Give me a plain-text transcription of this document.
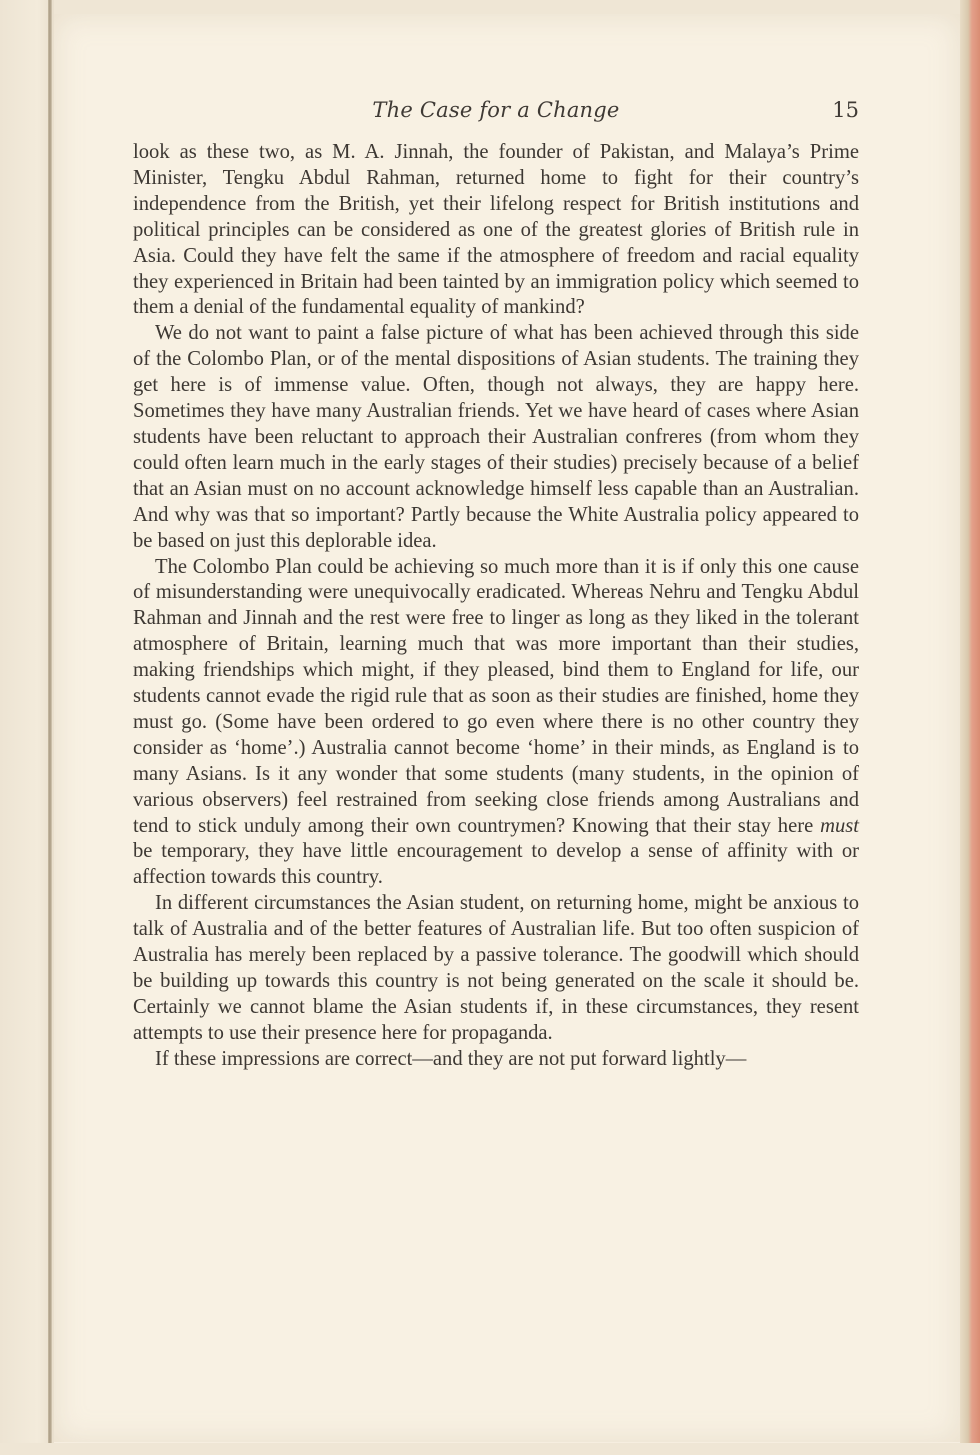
The Case for a Change	15

look as these two, as M. A. Jinnah, the founder of Pakistan, and Malaya’s Prime Minister, Tengku Abdul Rahman, returned home to fight for their country’s independence from the British, yet their lifelong respect for British institutions and political principles can be considered as one of the greatest glories of British rule in Asia. Could they have felt the same if the atmosphere of freedom and racial equality they experienced in Britain had been tainted by an immigration policy which seemed to them a denial of the fundamental equality of mankind?

We do not want to paint a false picture of what has been achieved through this side of the Colombo Plan, or of the mental dispositions of Asian students. The training they get here is of immense value. Often, though not always, they are happy here. Sometimes they have many Australian friends. Yet we have heard of cases where Asian students have been reluctant to approach their Australian confreres (from whom they could often learn much in the early stages of their studies) precisely because of a belief that an Asian must on no account acknowledge himself less capable than an Australian. And why was that so important? Partly because the White Australia policy appeared to be based on just this deplorable idea.

The Colombo Plan could be achieving so much more than it is if only this one cause of misunderstanding were unequivocally eradicated. Whereas Nehru and Tengku Abdul Rahman and Jinnah and the rest were free to linger as long as they liked in the tolerant atmosphere of Britain, learning much that was more important than their studies, making friendships which might, if they pleased, bind them to England for life, our students cannot evade the rigid rule that as soon as their studies are finished, home they must go. (Some have been ordered to go even where there is no other country they consider as ‘home’.) Australia cannot become ‘home’ in their minds, as England is to many Asians. Is it any wonder that some students (many students, in the opinion of various observers) feel restrained from seeking close friends among Australians and tend to stick unduly among their own countrymen? Knowing that their stay here must be temporary, they have little encouragement to develop a sense of affinity with or affection towards this country.

In different circumstances the Asian student, on returning home, might be anxious to talk of Australia and of the better features of Australian life. But too often suspicion of Australia has merely been replaced by a passive tolerance. The goodwill which should be building up towards this country is not being generated on the scale it should be. Certainly we cannot blame the Asian students if, in these circumstances, they resent attempts to use their presence here for propaganda.

If these impressions are correct—and they are not put forward lightly—
